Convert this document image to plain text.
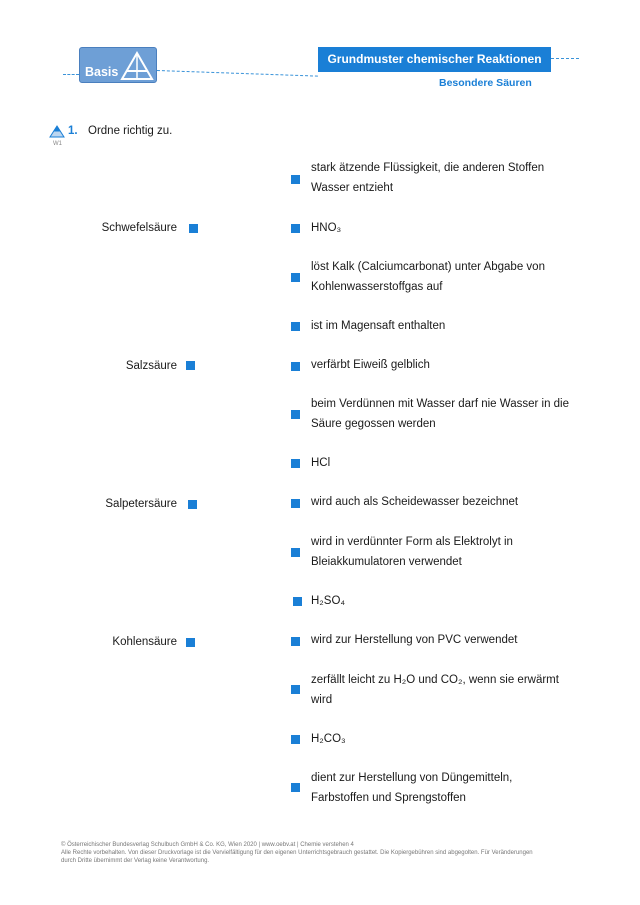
Basis
Grundmuster chemischer Reaktionen
Besondere Säuren
W1
1. Ordne richtig zu.
Schwefelsäure
Salzsäure
Salpetersäure
Kohlensäure
stark ätzende Flüssigkeit, die anderen Stoffen Wasser entzieht
HNO₃
löst Kalk (Calciumcarbonat) unter Abgabe von Kohlenwasserstoffgas auf
ist im Magensaft enthalten
verfärbt Eiweiß gelblich
beim Verdünnen mit Wasser darf nie Wasser in die Säure gegossen werden
HCl
wird auch als Scheidewasser bezeichnet
wird in verdünnter Form als Elektrolyt in Bleiakkumulatoren verwendet
H₂SO₄
wird zur Herstellung von PVC verwendet
zerfällt leicht zu H₂O und CO₂, wenn sie erwärmt wird
H₂CO₃
dient zur Herstellung von Düngemitteln, Farbstoffen und Sprengstoffen
© Österreichischer Bundesverlag Schulbuch GmbH & Co. KG, Wien 2020 | www.oebv.at | Chemie verstehen 4
Alle Rechte vorbehalten. Von dieser Druckvorlage ist die Vervielfältigung für den eigenen Unterrichtsgebrauch gestattet. Die Kopiergebühren sind abgegolten. Für Veränderungen
durch Dritte übernimmt der Verlag keine Verantwortung.
